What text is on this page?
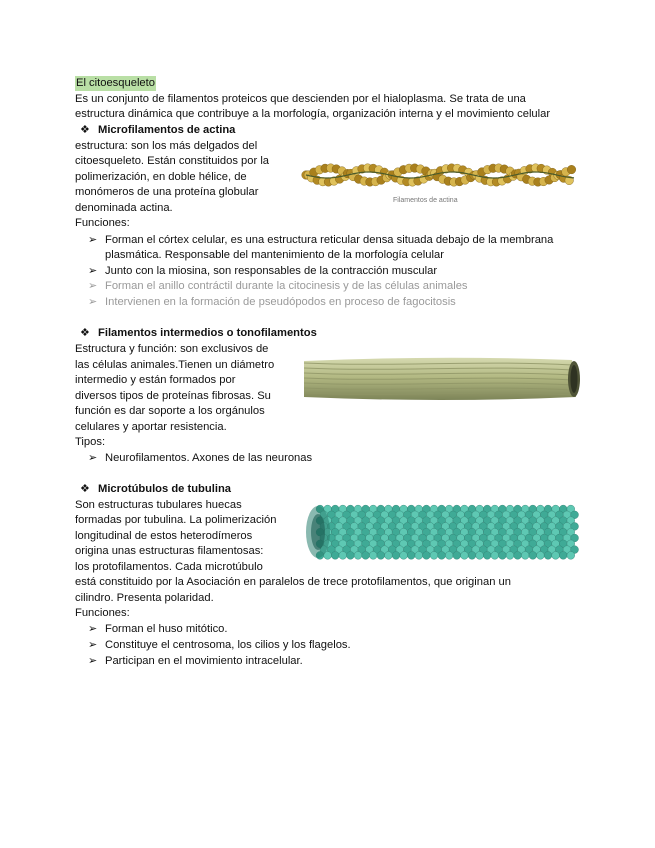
El citoesqueleto
Es un conjunto de filamentos proteicos que descienden por el hialoplasma. Se trata de una
estructura dinámica que contribuye a la morfología, organización interna y el movimiento celular
❖ Microfilamentos de actina
estructura: son los más delgados del
citoesqueleto. Están constituidos por la
polimerización, en doble hélice, de
monómeros de una proteína globular
denominada actina.
Funciones:
➢ Forman el córtex celular, es una estructura reticular densa situada debajo de la membrana
plasmática. Responsable del mantenimiento de la morfología celular
➢ Junto con la miosina, son responsables de la contracción muscular
➢ Forman el anillo contráctil durante la citocinesis y de las células animales
➢ Intervienen en la formación de pseudópodos en proceso de fagocitosis
Filamentos de actina
❖ Filamentos intermedios o tonofilamentos
Estructura y función: son exclusivos de
las células animales.Tienen un diámetro
intermedio y están formados por
diversos tipos de proteínas fibrosas. Su
función es dar soporte a los orgánulos
celulares y aportar resistencia.
Tipos:
➢ Neurofilamentos. Axones de las neuronas
❖ Microtúbulos de tubulina
Son estructuras tubulares huecas
formadas por tubulina. La polimerización
longitudinal de estos heterodímeros
origina unas estructuras filamentosas:
los protofilamentos. Cada microtúbulo
está constituido por la Asociación en paralelos de trece protofilamentos, que originan un
cilindro. Presenta polaridad.
Funciones:
➢ Forman el huso mitótico.
➢ Constituye el centrosoma, los cilios y los flagelos.
➢ Participan en el movimiento intracelular.
